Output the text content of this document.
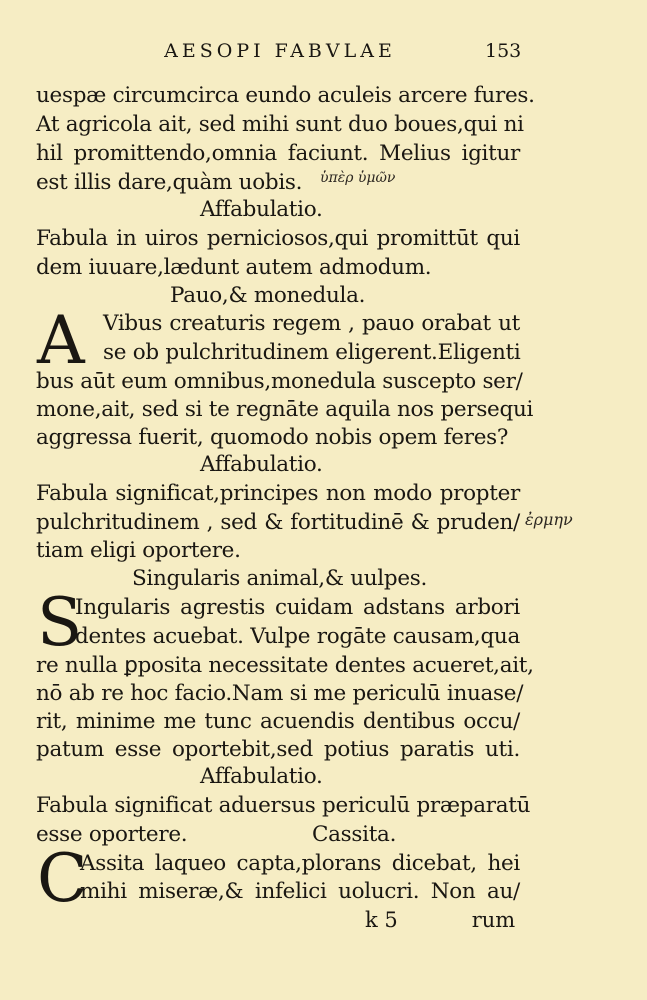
AESOPI FABVLAE	153
uespæ circumcirca eundo aculeis arcere fures.
At agricola ait, sed mihi sunt duo boues,qui ni
hil promittendo,omnia faciunt. Melius igitur
est illis dare,quàm uobis.	ὑπὲρ ὑμῶν
Affabulatio.
Fabula in uiros perniciosos,qui promittūt qui
dem iuuare,lædunt autem admodum.
Pauo,& monedula.
A Vibus creaturis regem , pauo orabat ut
se ob pulchritudinem eligerent.Eligenti
bus aūt eum omnibus,monedula suscepto ser/
mone,ait, sed si te regnāte aquila nos persequi
aggressa fuerit, quomodo nobis opem feres?
Affabulatio.
Fabula significat,principes non modo propter
pulchritudinem , sed & fortitudinē & pruden/ ἐρμην
tiam eligi oportere.
Singularis animal,& uulpes.
S
Ingularis agrestis cuidam adstans arbori
dentes acuebat. Vulpe rogāte causam,qua
re nulla ꝑposita necessitate dentes acueret,ait,
nō ab re hoc facio.Nam si me periculū inuase/
rit, minime me tunc acuendis dentibus occu/
patum esse oportebit,sed potius paratis uti.
Affabulatio.
Fabula significat aduersus periculū præparatū
esse oportere.	Cassita.
C
Assita laqueo capta,plorans dicebat, hei
mihi miseræ,& infelici uolucri. Non au/
k 5	rum
